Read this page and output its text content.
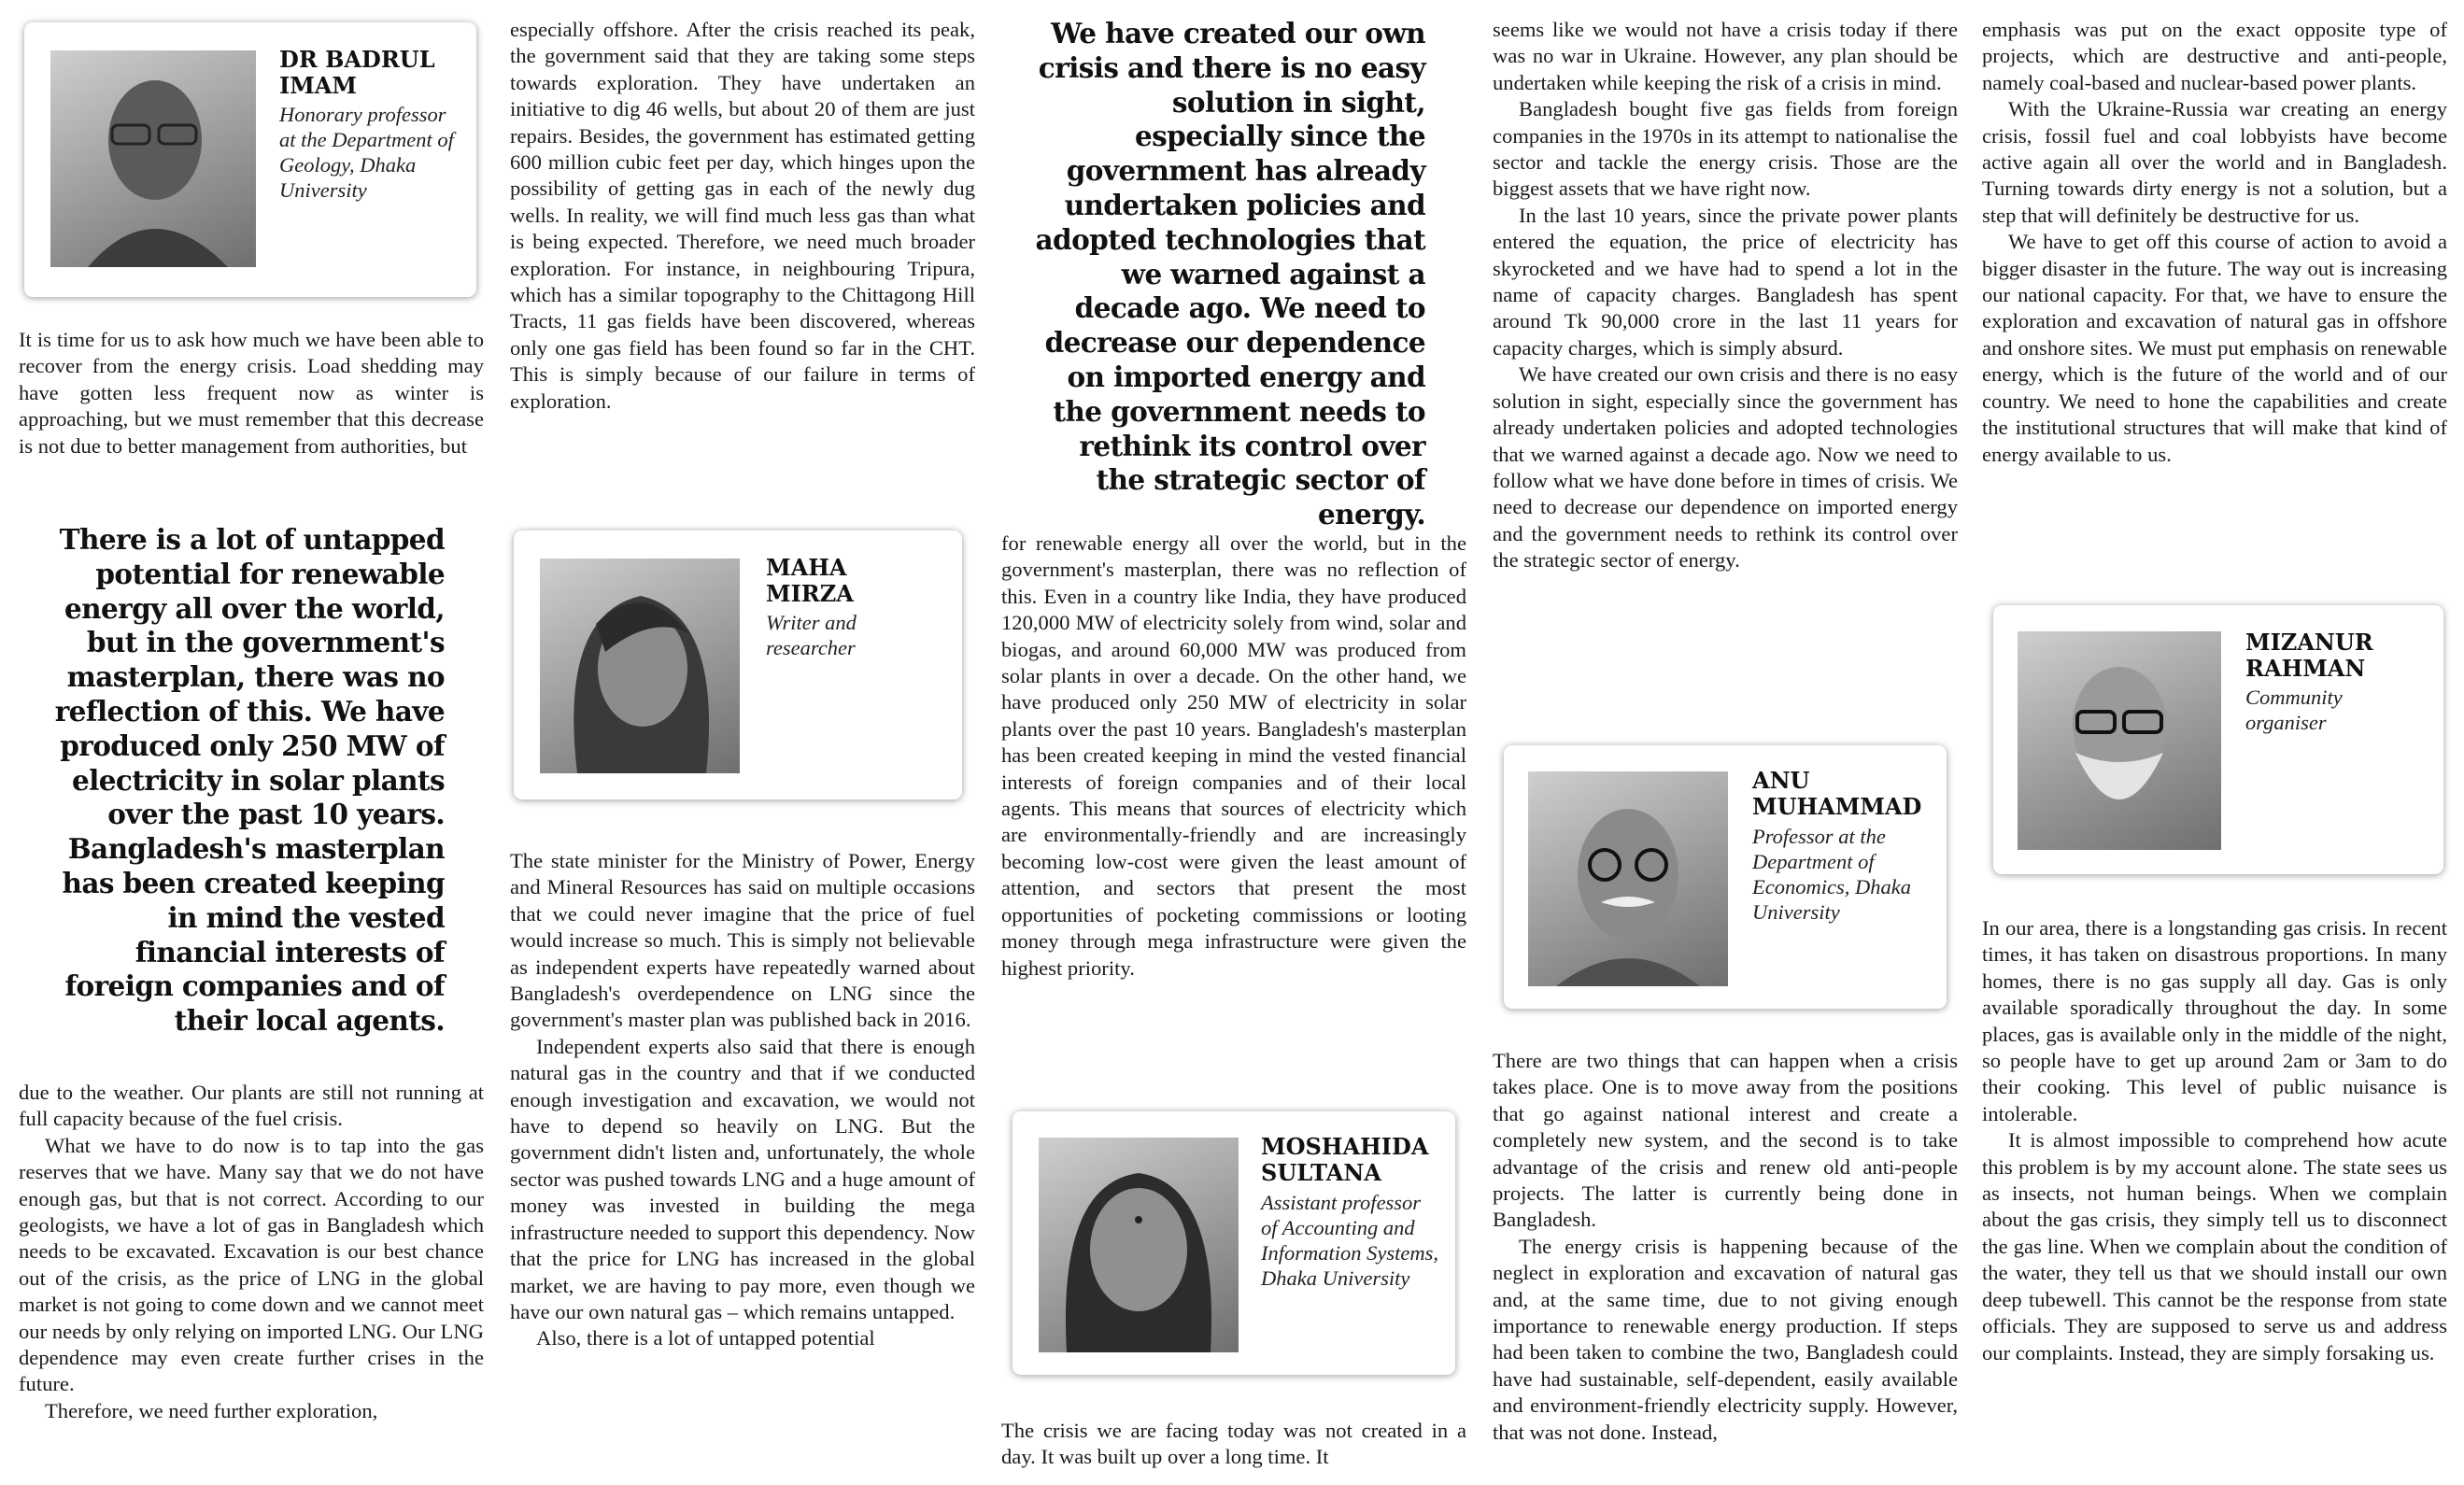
DR BADRUL
IMAM
Honorary professor at the Department of Geology, Dhaka University

It is time for us to ask how much we have been able to recover from the energy crisis. Load shedding may have gotten less frequent now as winter is approaching, but we must remember that this decrease is not due to better management from authorities, but

There is a lot of untapped potential for renewable energy all over the world, but in the government's masterplan, there was no reflection of this. We have produced only 250 MW of electricity in solar plants over the past 10 years. Bangladesh's masterplan has been created keeping in mind the vested financial interests of foreign companies and of their local agents.

due to the weather. Our plants are still not running at full capacity because of the fuel crisis.

What we have to do now is to tap into the gas reserves that we have. Many say that we do not have enough gas, but that is not correct. According to our geologists, we have a lot of gas in Bangladesh which needs to be excavated. Excavation is our best chance out of the crisis, as the price of LNG in the global market is not going to come down and we cannot meet our needs by only relying on imported LNG. Our LNG dependence may even create further crises in the future.

Therefore, we need further exploration,

especially offshore. After the crisis reached its peak, the government said that they are taking some steps towards exploration. They have undertaken an initiative to dig 46 wells, but about 20 of them are just repairs. Besides, the government has estimated getting 600 million cubic feet per day, which hinges upon the possibility of getting gas in each of the newly dug wells. In reality, we will find much less gas than what is being expected. Therefore, we need much broader exploration. For instance, in neighbouring Tripura, which has a similar topography to the Chittagong Hill Tracts, 11 gas fields have been discovered, whereas only one gas field has been found so far in the CHT. This is simply because of our failure in terms of exploration.

MAHA
MIRZA
Writer and researcher

The state minister for the Ministry of Power, Energy and Mineral Resources has said on multiple occasions that we could never imagine that the price of fuel would increase so much. This is simply not believable as independent experts have repeatedly warned about Bangladesh's overdependence on LNG since the government's master plan was published back in 2016.

Independent experts also said that there is enough natural gas in the country and that if we conducted enough investigation and excavation, we would not have to depend so heavily on LNG. But the government didn't listen and, unfortunately, the whole sector was pushed towards LNG and a huge amount of money was invested in building the mega infrastructure needed to support this dependency. Now that the price for LNG has increased in the global market, we are having to pay more, even though we have our own natural gas – which remains untapped.

Also, there is a lot of untapped potential

We have created our own crisis and there is no easy solution in sight, especially since the government has already undertaken policies and adopted technologies that we warned against a decade ago. We need to decrease our dependence on imported energy and the government needs to rethink its control over the strategic sector of energy.

for renewable energy all over the world, but in the government's masterplan, there was no reflection of this. Even in a country like India, they have produced 120,000 MW of electricity solely from wind, solar and biogas, and around 60,000 MW was produced from solar plants in over a decade. On the other hand, we have produced only 250 MW of electricity in solar plants over the past 10 years. Bangladesh's masterplan has been created keeping in mind the vested financial interests of foreign companies and of their local agents. This means that sources of electricity which are environmentally-friendly and are increasingly becoming low-cost were given the least amount of attention, and sectors that present the most opportunities of pocketing commissions or looting money through mega infrastructure were given the highest priority.

MOSHAHIDA
SULTANA
Assistant professor of Accounting and Information Systems, Dhaka University

The crisis we are facing today was not created in a day. It was built up over a long time. It

seems like we would not have a crisis today if there was no war in Ukraine. However, any plan should be undertaken while keeping the risk of a crisis in mind.

Bangladesh bought five gas fields from foreign companies in the 1970s in its attempt to nationalise the sector and tackle the energy crisis. Those are the biggest assets that we have right now.

In the last 10 years, since the private power plants entered the equation, the price of electricity has skyrocketed and we have had to spend a lot in the name of capacity charges. Bangladesh has spent around Tk 90,000 crore in the last 11 years for capacity charges, which is simply absurd.

We have created our own crisis and there is no easy solution in sight, especially since the government has already undertaken policies and adopted technologies that we warned against a decade ago. Now we need to follow what we have done before in times of crisis. We need to decrease our dependence on imported energy and the government needs to rethink its control over the strategic sector of energy.

ANU
MUHAMMAD
Professor at the Department of Economics, Dhaka University

There are two things that can happen when a crisis takes place. One is to move away from the positions that go against national interest and create a completely new system, and the second is to take advantage of the crisis and renew old anti-people projects. The latter is currently being done in Bangladesh.

The energy crisis is happening because of the neglect in exploration and excavation of natural gas and, at the same time, due to not giving enough importance to renewable energy production. If steps had been taken to combine the two, Bangladesh could have had sustainable, self-dependent, easily available and environment-friendly electricity supply. However, that was not done. Instead,

emphasis was put on the exact opposite type of projects, which are destructive and anti-people, namely coal-based and nuclear-based power plants.

With the Ukraine-Russia war creating an energy crisis, fossil fuel and coal lobbyists have become active again all over the world and in Bangladesh. Turning towards dirty energy is not a solution, but a step that will definitely be destructive for us.

We have to get off this course of action to avoid a bigger disaster in the future. The way out is increasing our national capacity. For that, we have to ensure the exploration and excavation of natural gas in offshore and onshore sites. We must put emphasis on renewable energy, which is the future of the world and of our country. We need to hone the capabilities and create the institutional structures that will make that kind of energy available to us.

MIZANUR
RAHMAN
Community organiser

In our area, there is a longstanding gas crisis. In recent times, it has taken on disastrous proportions. In many homes, there is no gas supply all day. Gas is only available sporadically throughout the day. In some places, gas is available only in the middle of the night, so people have to get up around 2am or 3am to do their cooking. This level of public nuisance is intolerable.

It is almost impossible to comprehend how acute this problem is by my account alone. The state sees us as insects, not human beings. When we complain about the gas crisis, they simply tell us to disconnect the gas line. When we complain about the condition of the water, they tell us that we should install our own deep tubewell. This cannot be the response from state officials. They are supposed to serve us and address our complaints. Instead, they are simply forsaking us.
